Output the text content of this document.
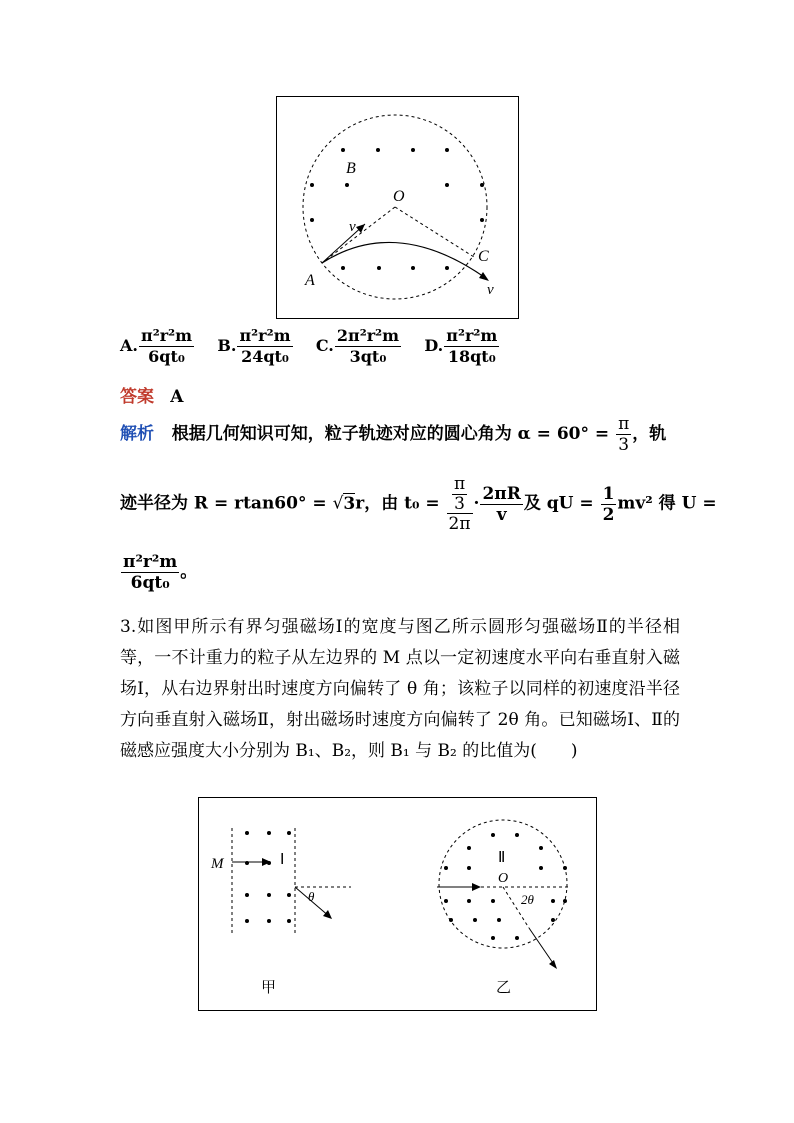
B
O
v
A
C
v
A. $\frac{\text{π²r²m}}{\text{6qt₀}} B$. $\frac{\text{π²r²m}}{\text{24qt₀}} C$. $\frac{\text{2π²r²m}}{\text{3qt₀}} D$. $\frac{\text{π²r²m}}{\text{18qt₀}}$
答案 A
解析 根据几何知识可知，粒子轨迹对应的圆心角为 $\alpha = 60^\circ = \frac{\pi}{3}$ ，轨
迹半径为 R = rtan60° = √3r，由 $t_0 = \frac{\frac{\pi}{3}}{2\pi} \cdot \frac{2\pi R}{v}$ 及 qU = $\frac{1}{2} mv^2$ 得 U =
$\frac{\text{π²r²m}}{\text{6qt₀}}$ 。
3.如图甲所示有界匀强磁场Ⅰ的宽度与图乙所示圆形匀强磁场Ⅱ的半径相等，一不计重力的粒子从左边界的 M 点以一定初速度水平向右垂直射入磁场Ⅰ，从右边界射出时速度方向偏转了 θ 角；该粒子以同样的初速度沿半径方向垂直射入磁场Ⅱ，射出磁场时速度方向偏转了 2θ 角。已知磁场Ⅰ、Ⅱ的磁感应强度大小分别为 B₁、B₂，则 B₁ 与 B₂ 的比值为(　　)
M	Ⅰ
θ
Ⅱ
O
2θ
甲	乙
